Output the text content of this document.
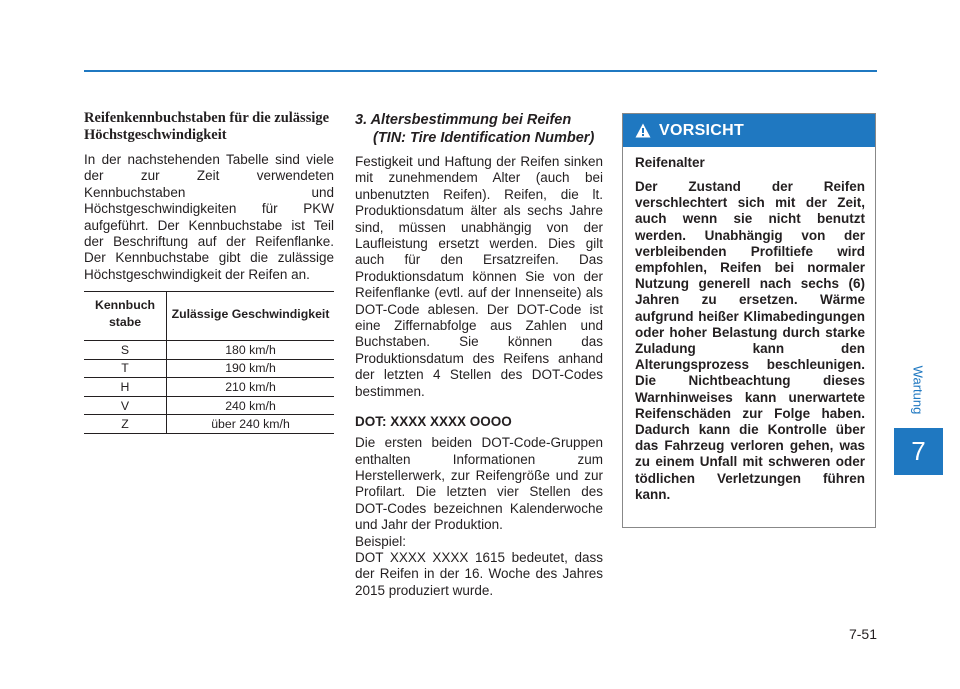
Wartung
7
7-51
Reifenkennbuchstaben für die zulässige Höchstgeschwindigkeit

In der nachstehenden Tabelle sind viele der zur Zeit verwendeten Kennbuchstaben und Höchstgeschwindigkeiten für PKW aufgeführt. Der Kennbuchstabe ist Teil der Beschriftung auf der Reifenflanke. Der Kennbuchstabe gibt die zulässige Höchstgeschwindigkeit der Reifen an.

Kennbuch stabe	Zulässige Geschwindigkeit
S	180 km/h
T	190 km/h
H	210 km/h
V	240 km/h
Z	über 240 km/h
3. Altersbestimmung bei Reifen
(TIN: Tire Identification Number)

Festigkeit und Haftung der Reifen sinken mit zunehmendem Alter (auch bei unbenutzten Reifen). Reifen, die lt. Produktionsdatum älter als sechs Jahre sind, müssen unabhängig von der Laufleistung ersetzt werden. Dies gilt auch für den Ersatzreifen. Das Produktionsdatum können Sie von der Reifenflanke (evtl. auf der Innenseite) als DOT-Code ablesen. Der DOT-Code ist eine Ziffernabfolge aus Zahlen und Buchstaben. Sie können das Produktionsdatum des Reifens anhand der letzten 4 Stellen des DOT-Codes bestimmen.

DOT: XXXX XXXX OOOO

Die ersten beiden DOT-Code-Gruppen enthalten Informationen zum Herstellerwerk, zur Reifengröße und zur Profilart. Die letzten vier Stellen des DOT-Codes bezeichnen Kalenderwoche und Jahr der Produktion.

Beispiel:

DOT XXXX XXXX 1615 bedeutet, dass der Reifen in der 16. Woche des Jahres 2015 produziert wurde.

VORSICHT
Reifenalter

Der Zustand der Reifen verschlechtert sich mit der Zeit, auch wenn sie nicht benutzt werden. Unabhängig von der verbleibenden Profiltiefe wird empfohlen, Reifen bei normaler Nutzung generell nach sechs (6) Jahren zu ersetzen. Wärme aufgrund heißer Klimabedingungen oder hoher Belastung durch starke Zuladung kann den Alterungsprozess beschleunigen. Die Nichtbeachtung dieses Warnhinweises kann unerwartete Reifenschäden zur Folge haben. Dadurch kann die Kontrolle über das Fahrzeug verloren gehen, was zu einem Unfall mit schweren oder tödlichen Verletzungen führen kann.
